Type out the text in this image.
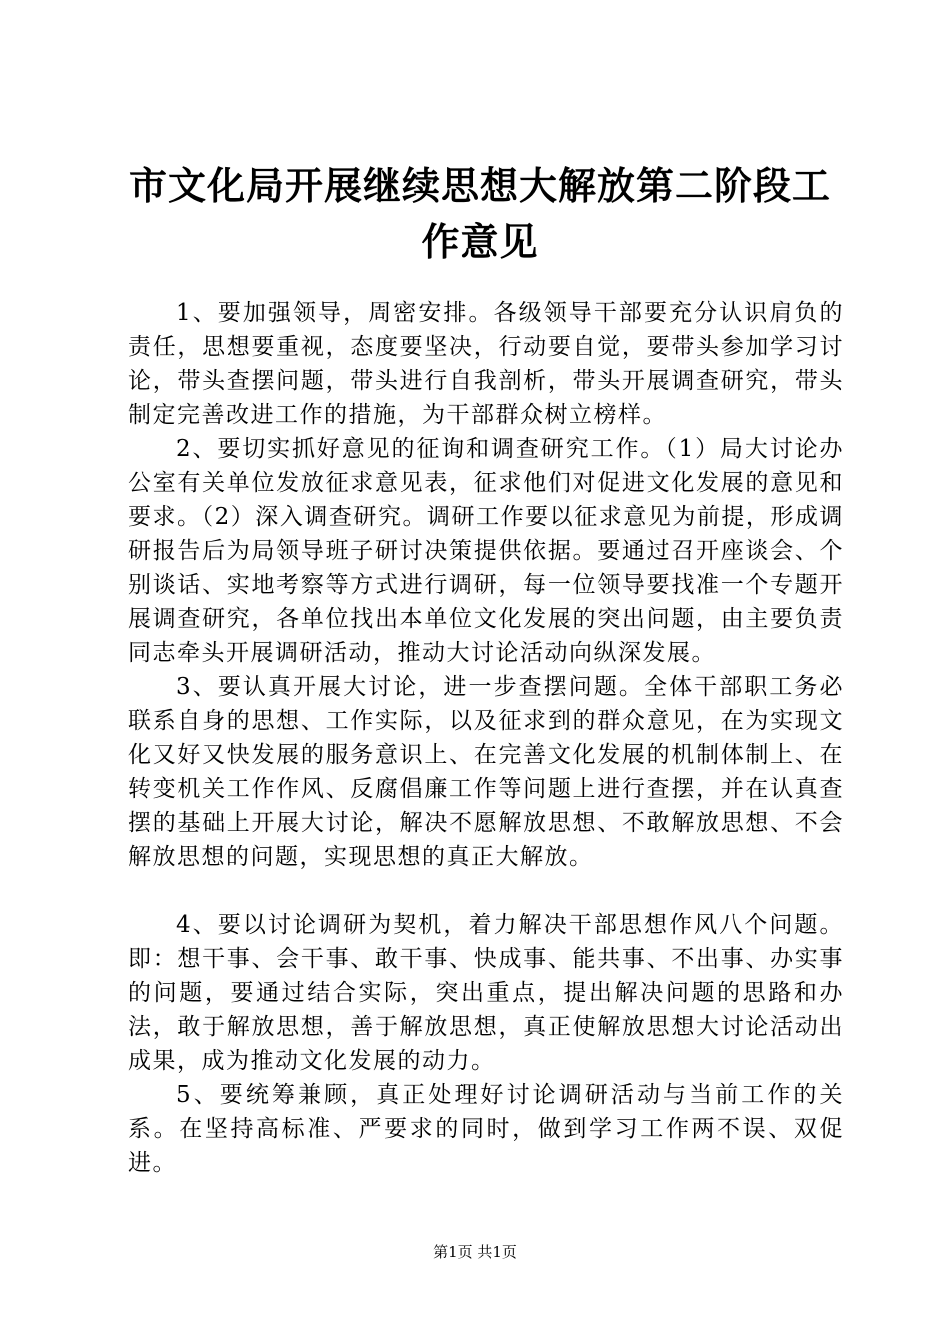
市文化局开展继续思想大解放第二阶段工作意见

1、要加强领导，周密安排。各级领导干部要充分认识肩负的责任，思想要重视，态度要坚决，行动要自觉，要带头参加学习讨论，带头查摆问题，带头进行自我剖析，带头开展调查研究，带头制定完善改进工作的措施，为干部群众树立榜样。

2、要切实抓好意见的征询和调查研究工作。（1）局大讨论办公室有关单位发放征求意见表，征求他们对促进文化发展的意见和要求。（2）深入调查研究。调研工作要以征求意见为前提，形成调研报告后为局领导班子研讨决策提供依据。要通过召开座谈会、个别谈话、实地考察等方式进行调研，每一位领导要找准一个专题开展调查研究，各单位找出本单位文化发展的突出问题，由主要负责同志牵头开展调研活动，推动大讨论活动向纵深发展。

3、要认真开展大讨论，进一步查摆问题。全体干部职工务必联系自身的思想、工作实际，以及征求到的群众意见，在为实现文化又好又快发展的服务意识上、在完善文化发展的机制体制上、在转变机关工作作风、反腐倡廉工作等问题上进行查摆，并在认真查摆的基础上开展大讨论，解决不愿解放思想、不敢解放思想、不会解放思想的问题，实现思想的真正大解放。

4、要以讨论调研为契机，着力解决干部思想作风八个问题。即：想干事、会干事、敢干事、快成事、能共事、不出事、办实事的问题，要通过结合实际，突出重点，提出解决问题的思路和办法，敢于解放思想，善于解放思想，真正使解放思想大讨论活动出成果，成为推动文化发展的动力。

5、要统筹兼顾，真正处理好讨论调研活动与当前工作的关系。在坚持高标准、严要求的同时，做到学习工作两不误、双促进。

第1页 共1页
